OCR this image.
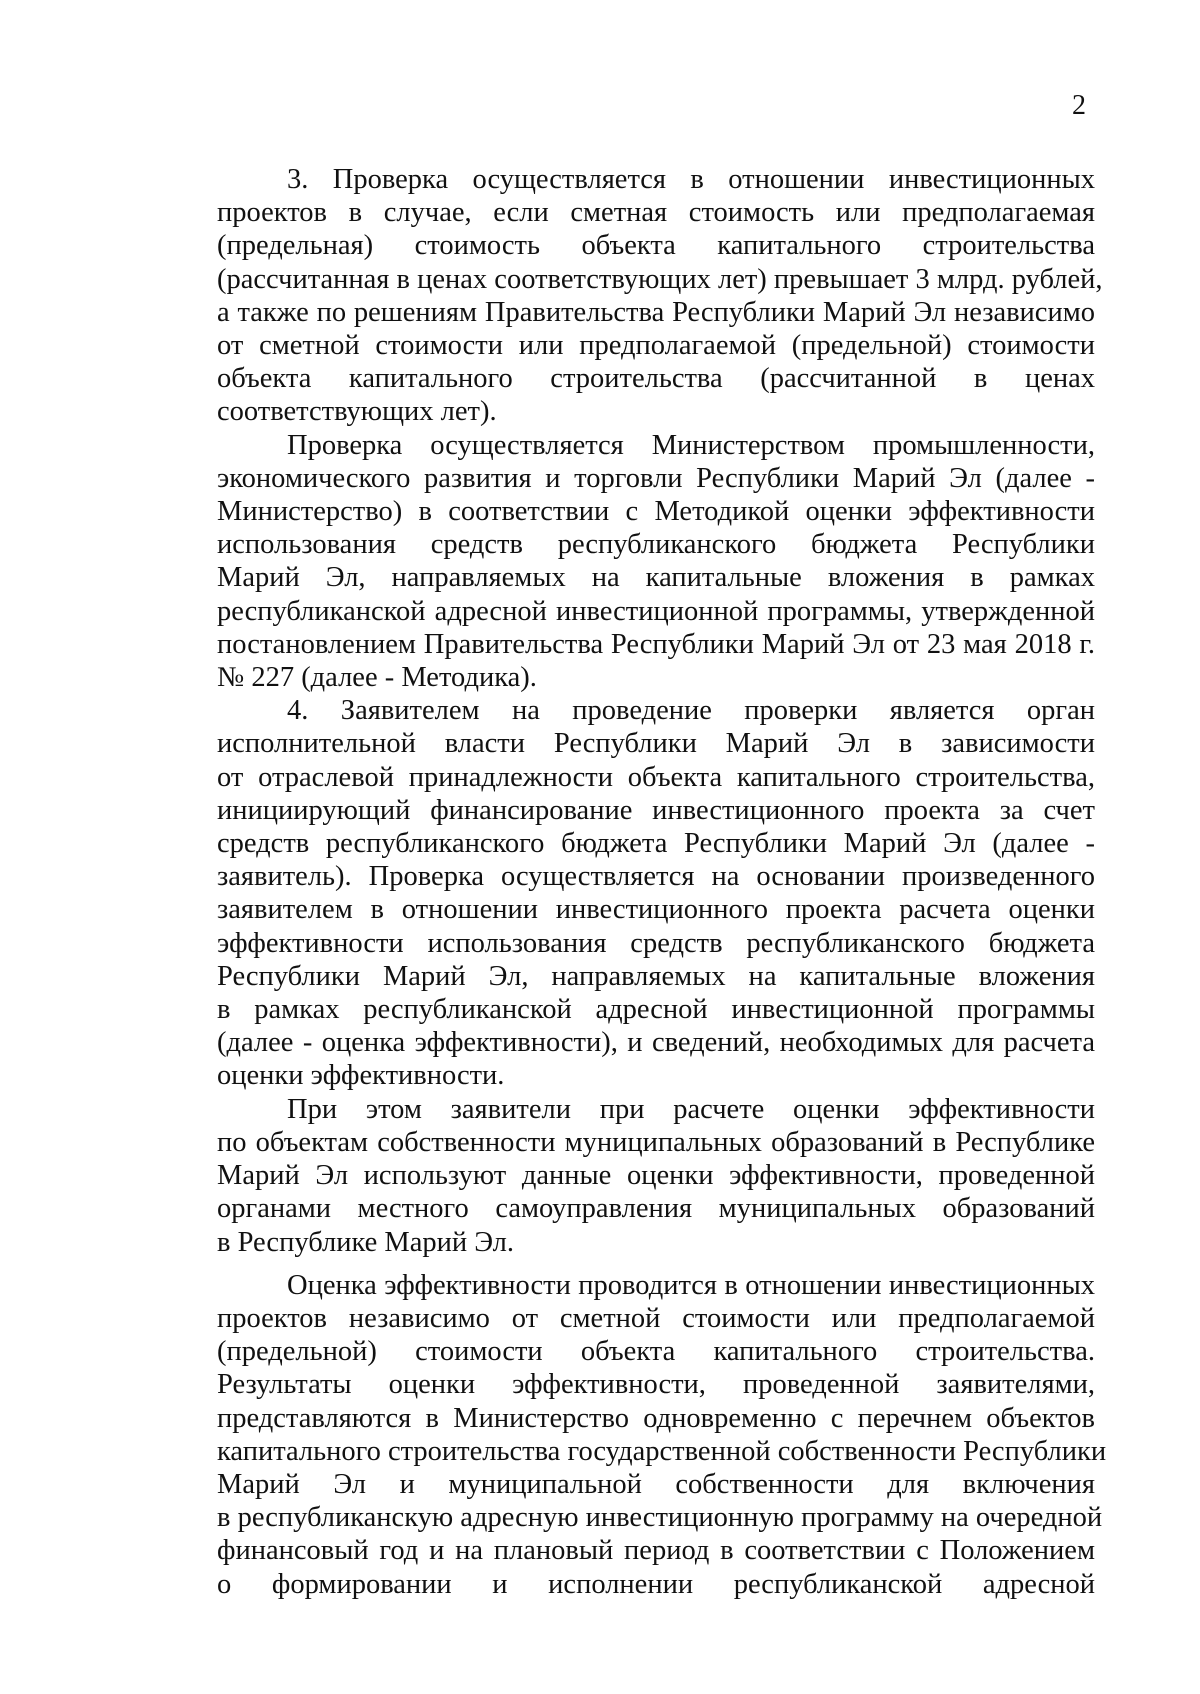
2
3. Проверка осуществляется в отношении инвестиционных
проектов в случае, если сметная стоимость или предполагаемая
(предельная) стоимость объекта капитального строительства
(рассчитанная в ценах соответствующих лет) превышает 3 млрд. рублей,
а также по решениям Правительства Республики Марий Эл независимо
от сметной стоимости или предполагаемой (предельной) стоимости
объекта капитального строительства (рассчитанной в ценах
соответствующих лет).
Проверка осуществляется Министерством промышленности,
экономического развития и торговли Республики Марий Эл (далее -
Министерство) в соответствии с Методикой оценки эффективности
использования средств республиканского бюджета Республики
Марий Эл, направляемых на капитальные вложения в рамках
республиканской адресной инвестиционной программы, утвержденной
постановлением Правительства Республики Марий Эл от 23 мая 2018 г.
№ 227 (далее - Методика).
4. Заявителем на проведение проверки является орган
исполнительной власти Республики Марий Эл в зависимости
от отраслевой принадлежности объекта капитального строительства,
инициирующий финансирование инвестиционного проекта за счет
средств республиканского бюджета Республики Марий Эл (далее -
заявитель). Проверка осуществляется на основании произведенного
заявителем в отношении инвестиционного проекта расчета оценки
эффективности использования средств республиканского бюджета
Республики Марий Эл, направляемых на капитальные вложения
в рамках республиканской адресной инвестиционной программы
(далее - оценка эффективности), и сведений, необходимых для расчета
оценки эффективности.
При этом заявители при расчете оценки эффективности
по объектам собственности муниципальных образований в Республике
Марий Эл используют данные оценки эффективности, проведенной
органами местного самоуправления муниципальных образований
в Республике Марий Эл.
Оценка эффективности проводится в отношении инвестиционных
проектов независимо от сметной стоимости или предполагаемой
(предельной) стоимости объекта капитального строительства.
Результаты оценки эффективности, проведенной заявителями,
представляются в Министерство одновременно с перечнем объектов
капитального строительства государственной собственности Республики
Марий Эл и муниципальной собственности для включения
в республиканскую адресную инвестиционную программу на очередной
финансовый год и на плановый период в соответствии с Положением
о формировании и исполнении республиканской адресной
